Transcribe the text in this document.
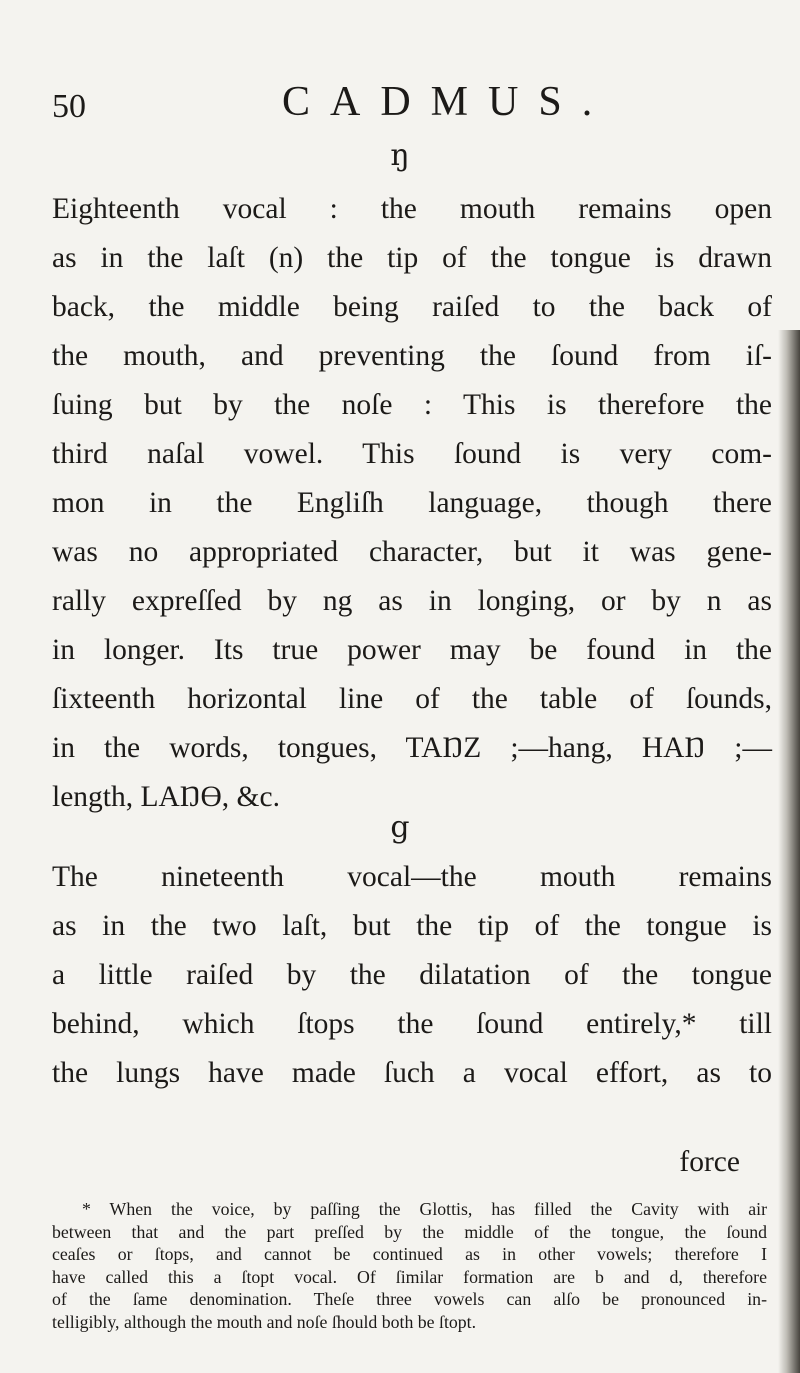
50	CADMUS.
ŋ
Eighteenth vocal : the mouth remains open
as in the laſt (n) the tip of the tongue is drawn
back, the middle being raiſed to the back of
the mouth, and preventing the ſound from iſ-
ſuing but by the noſe : This is therefore the
third naſal vowel. This ſound is very com-
mon in the Engliſh language, though there
was no appropriated character, but it was gene-
rally expreſſed by ng as in longing, or by n as
in longer. Its true power may be found in the
ſixteenth horizontal line of the table of ſounds,
in the words, tongues, TAŊZ ;—hang, HAŊ ;—
length, LAŊƟ, &c.
g
The nineteenth vocal—the mouth remains
as in the two laſt, but the tip of the tongue is
a little raiſed by the dilatation of the tongue
behind, which ſtops the ſound entirely,* till
the lungs have made ſuch a vocal effort, as to
force
* When the voice, by paſſing the Glottis, has filled the Cavity with air
between that and the part preſſed by the middle of the tongue, the ſound
ceaſes or ſtops, and cannot be continued as in other vowels; therefore I
have called this a ſtopt vocal. Of ſimilar formation are b and d, therefore
of the ſame denomination. Theſe three vowels can alſo be pronounced in-
telligibly, although the mouth and noſe ſhould both be ſtopt.
